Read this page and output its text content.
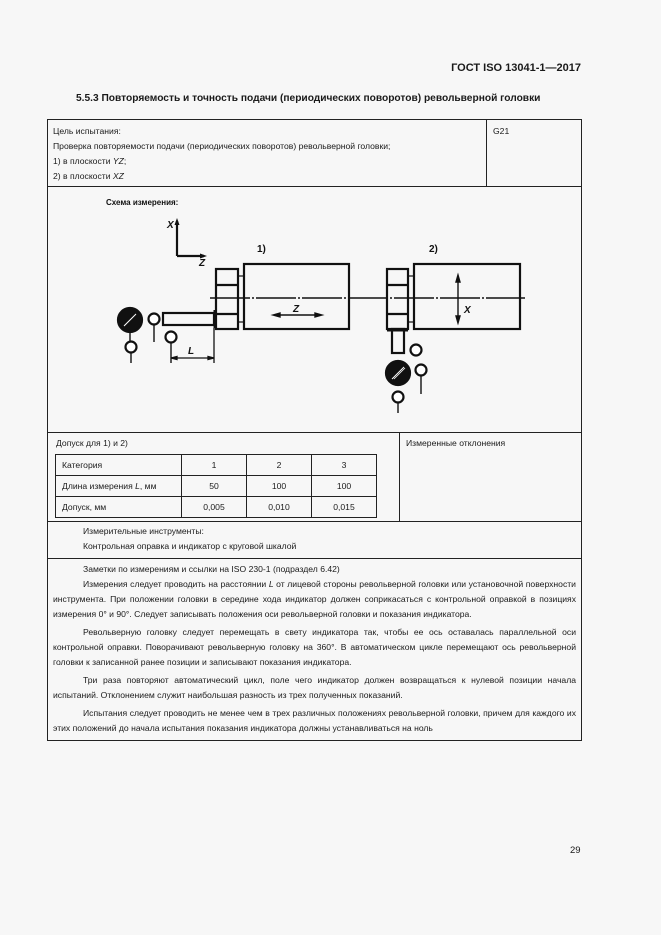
ГОСТ ISO 13041-1—2017
5.5.3 Повторяемость и точность подачи (периодических поворотов) револьверной головки
Цель испытания:
Проверка повторяемости подачи (периодических поворотов) револьверной головки;
1) в плоскости YZ;
2) в плоскости XZ
G21
Схема измерения:
X
Z
1)	2)
Z
L
X
Допуск для 1) и 2)
Категория	1	2	3
Длина измерения L, мм	50	100	100
Допуск, мм	0,005	0,010	0,015
Измеренные отклонения
Измерительные инструменты:
Контрольная оправка и индикатор с круговой шкалой

Заметки по измерениям и ссылки на ISO 230-1 (подраздел 6.42)

Измерения следует проводить на расстоянии L от лицевой стороны револьверной головки или установочной поверхности инструмента. При положении головки в середине хода индикатор должен соприкасаться с контрольной оправкой в позициях измерения 0° и 90°. Следует записывать положения оси револьверной головки и показания индикатора.

Револьверную головку следует перемещать в свету индикатора так, чтобы ее ось оставалась параллельной оси контрольной оправки. Поворачивают револьверную головку на 360°. В автоматическом цикле перемещают ось револьверной головки к записанной ранее позиции и записывают показания индикатора.

Три раза повторяют автоматический цикл, поле чего индикатор должен возвращаться к нулевой позиции начала испытаний. Отклонением служит наибольшая разность из трех полученных показаний.

Испытания следует проводить не менее чем в трех различных положениях револьверной головки, причем для каждого их этих положений до начала испытания показания индикатора должны устанавливаться на ноль

29
